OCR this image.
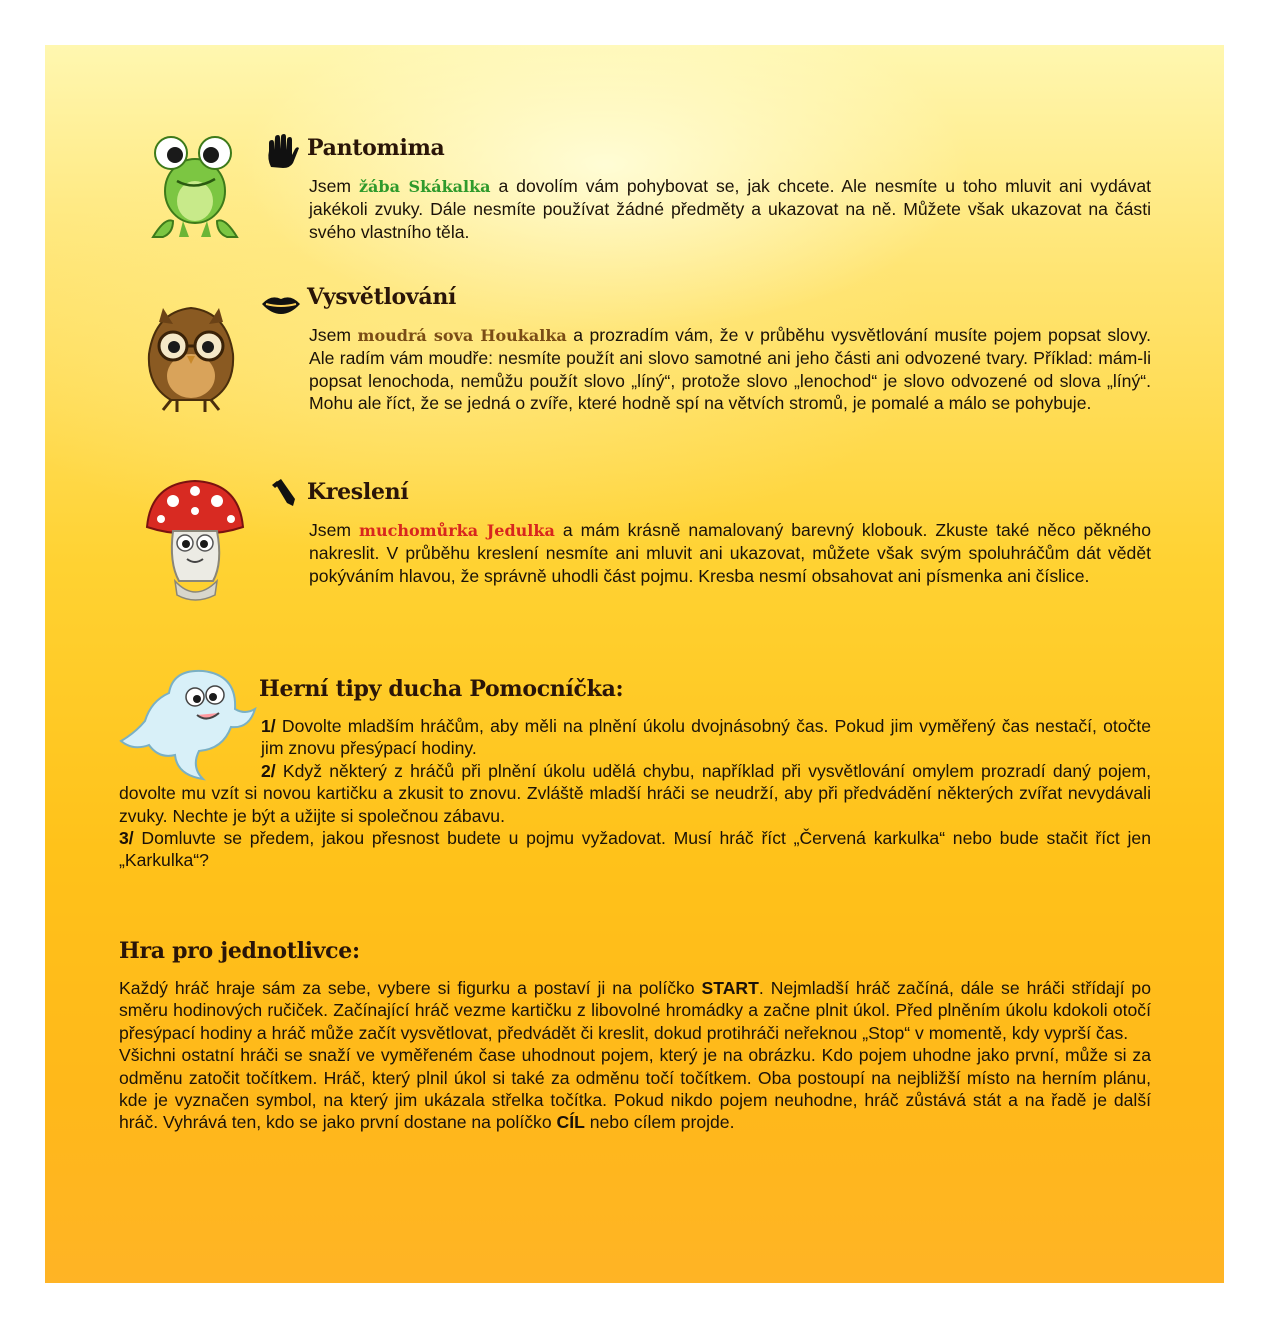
Pantomima

Jsem žába Skákalka a dovolím vám pohybovat se, jak chcete. Ale nesmíte u toho mluvit ani vydávat jakékoli zvuky. Dále nesmíte používat žádné předměty a ukazovat na ně. Můžete však ukazovat na části svého vlastního těla.

Vysvětlování

Jsem moudrá sova Houkalka a prozradím vám, že v průběhu vysvětlování musíte pojem popsat slovy. Ale radím vám moudře: nesmíte použít ani slovo samotné ani jeho části ani odvozené tvary. Příklad: mám-li popsat lenochoda, nemůžu použít slovo „líný“, protože slovo „lenochod“ je slovo odvozené od slova „líný“. Mohu ale říct, že se jedná o zvíře, které hodně spí na větvích stromů, je pomalé a málo se pohybuje.

Kreslení

Jsem muchomůrka Jedulka a mám krásně namalovaný barevný klobouk. Zkuste také něco pěkného nakreslit. V průběhu kreslení nesmíte ani mluvit ani ukazovat, můžete však svým spoluhráčům dát vědět pokýváním hlavou, že správně uhodli část pojmu. Kresba nesmí obsahovat ani písmenka ani číslice.

Herní tipy ducha Pomocníčka:

1/ Dovolte mladším hráčům, aby měli na plnění úkolu dvojnásobný čas. Pokud jim vyměřený čas nestačí, otočte jim znovu přesýpací hodiny.

2/ Když některý z hráčů při plnění úkolu udělá chybu, například při vysvětlování omylem prozradí daný pojem, dovolte mu vzít si novou kartičku a zkusit to znovu. Zvláště mladší hráči se neudrží, aby při předvádění některých zvířat nevydávali zvuky. Nechte je být a užijte si společnou zábavu.

3/ Domluvte se předem, jakou přesnost budete u pojmu vyžadovat. Musí hráč říct „Červená karkulka“ nebo bude stačit říct jen „Karkulka“?

Hra pro jednotlivce:

Každý hráč hraje sám za sebe, vybere si figurku a postaví ji na políčko START. Nejmladší hráč začíná, dále se hráči střídají po směru hodinových ručiček. Začínající hráč vezme kartičku z libovolné hromádky a začne plnit úkol. Před plněním úkolu kdokoli otočí přesýpací hodiny a hráč může začít vysvětlovat, předvádět či kreslit, dokud protihráči neřeknou „Stop“ v momentě, kdy vyprší čas.

Všichni ostatní hráči se snaží ve vyměřeném čase uhodnout pojem, který je na obrázku. Kdo pojem uhodne jako první, může si za odměnu zatočit točítkem. Hráč, který plnil úkol si také za odměnu točí točítkem. Oba postoupí na nejbližší místo na herním plánu, kde je vyznačen symbol, na který jim ukázala střelka točítka. Pokud nikdo pojem neuhodne, hráč zůstává stát a na řadě je další hráč. Vyhrává ten, kdo se jako první dostane na políčko CÍL nebo cílem projde.
